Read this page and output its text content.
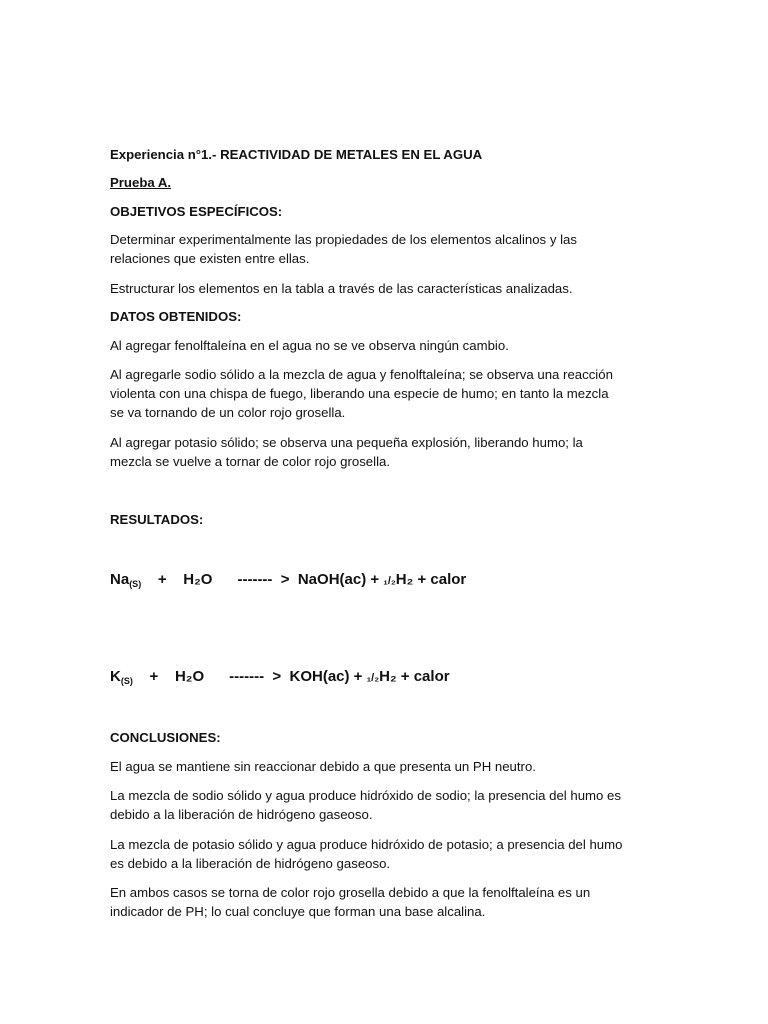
Experiencia n°1.- REACTIVIDAD DE METALES EN EL AGUA
Prueba A.
OBJETIVOS ESPECÍFICOS:
Determinar experimentalmente las propiedades de los elementos alcalinos y las
relaciones que existen entre ellas.
Estructurar los elementos en la tabla a través de las características analizadas.
DATOS OBTENIDOS:
Al agregar fenolftaleína en el agua no se ve observa ningún cambio.
Al agregarle sodio sólido a la mezcla de agua y fenolftaleína; se observa una reacción
violenta con una chispa de fuego, liberando una especie de humo; en tanto la mezcla
se va tornando de un color rojo grosella.
Al agregar potasio sólido; se observa una pequeña explosión, liberando humo; la
mezcla se vuelve a tornar de color rojo grosella.
RESULTADOS:
$Na_{(S)}$    +    H₂O      -------  >  NaOH(ac) + ₁/₂H₂ + calor
$K_{(S)}$    +    H₂O      -------  >  KOH(ac) + ₁/₂H₂ + calor
CONCLUSIONES:
El agua se mantiene sin reaccionar debido a que presenta un PH neutro.
La mezcla de sodio sólido y agua produce hidróxido de sodio; la presencia del humo es
debido a la liberación de hidrógeno gaseoso.
La mezcla de potasio sólido y agua produce hidróxido de potasio; a presencia del humo
es debido a la liberación de hidrógeno gaseoso.
En ambos casos se torna de color rojo grosella debido a que la fenolftaleína es un
indicador de PH; lo cual concluye que forman una base alcalina.
